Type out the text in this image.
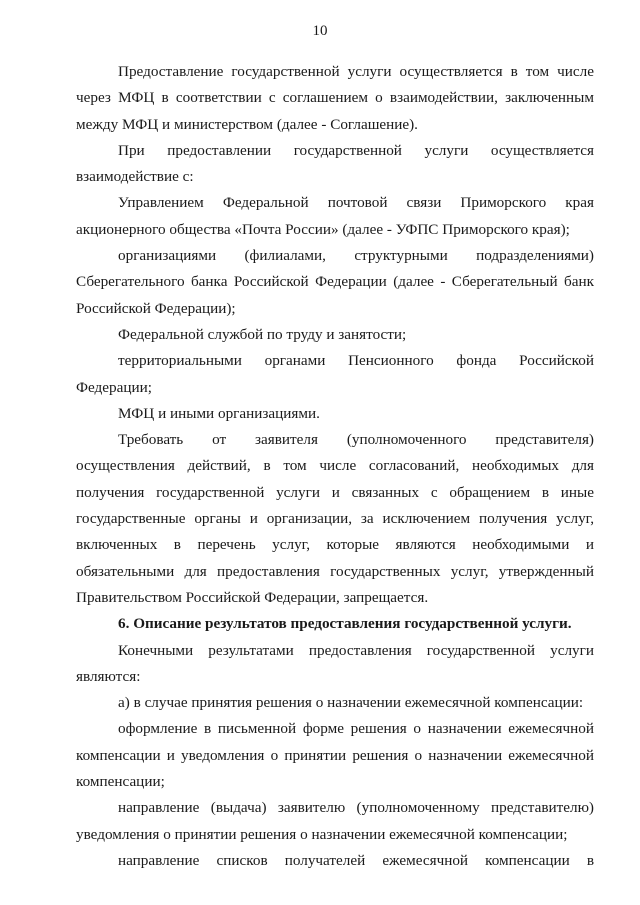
10

Предоставление государственной услуги осуществляется в том числе через МФЦ в соответствии с соглашением о взаимодействии, заключенным между МФЦ и министерством (далее - Соглашение).

При предоставлении государственной услуги осуществляется взаимодействие с:

Управлением Федеральной почтовой связи Приморского края акционерного общества «Почта России» (далее - УФПС Приморского края);

организациями (филиалами, структурными подразделениями) Сберегательного банка Российской Федерации (далее - Сберегательный банк Российской Федерации);

Федеральной службой по труду и занятости;

территориальными органами Пенсионного фонда Российской Федерации;

МФЦ и иными организациями.

Требовать от заявителя (уполномоченного представителя) осуществления действий, в том числе согласований, необходимых для получения государственной услуги и связанных с обращением в иные государственные органы и организации, за исключением получения услуг, включенных в перечень услуг, которые являются необходимыми и обязательными для предоставления государственных услуг, утвержденный Правительством Российской Федерации, запрещается.

6. Описание результатов предоставления государственной услуги.

Конечными результатами предоставления государственной услуги являются:

а) в случае принятия решения о назначении ежемесячной компенсации:

оформление в письменной форме решения о назначении ежемесячной компенсации и уведомления о принятии решения о назначении ежемесячной компенсации;

направление (выдача) заявителю (уполномоченному представителю) уведомления о принятии решения о назначении ежемесячной компенсации;

направление списков получателей ежемесячной компенсации в
